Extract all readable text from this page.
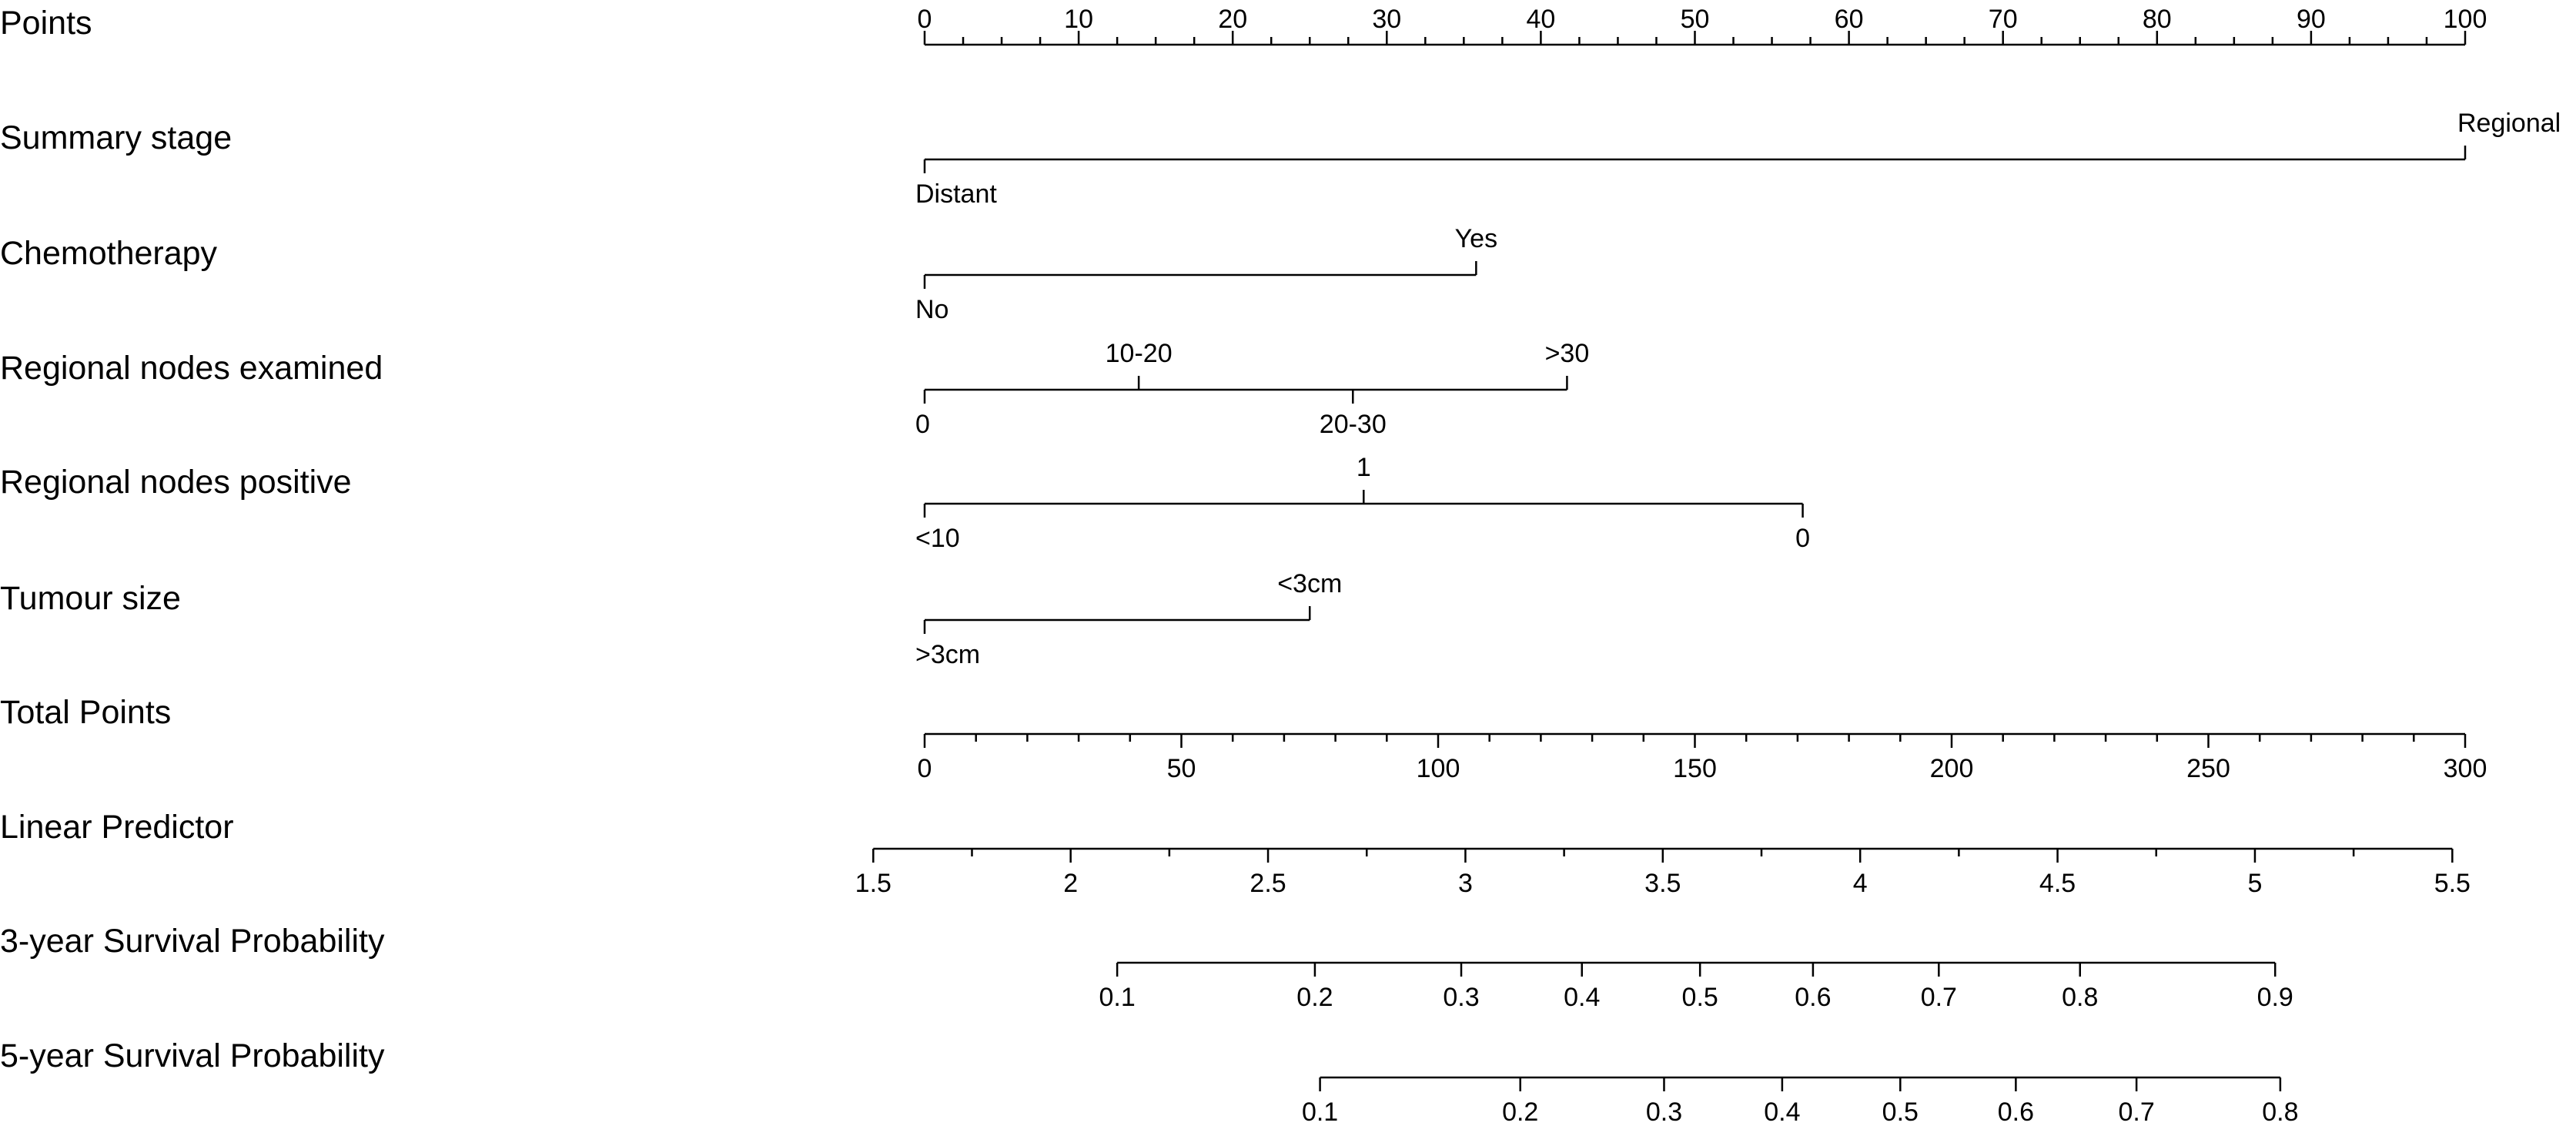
Points
Summary stage
Chemotherapy
Regional nodes examined
Regional nodes positive
Tumour size
Total Points
Linear Predictor
3-year Survival Probability
5-year Survival Probability
0	10	20	30	40	50	60	70	80	90	100
Distant
Regional
No
Yes
0
10-20
20-30
>30
<10
1
0
>3cm
<3cm
0	50	100	150	200	250	300
1.5	2	2.5	3	3.5	4	4.5	5	5.5
0.1	0.2	0.3	0.4	0.5	0.6	0.7	0.8	0.9
0.1	0.2	0.3	0.4	0.5	0.6	0.7	0.8
